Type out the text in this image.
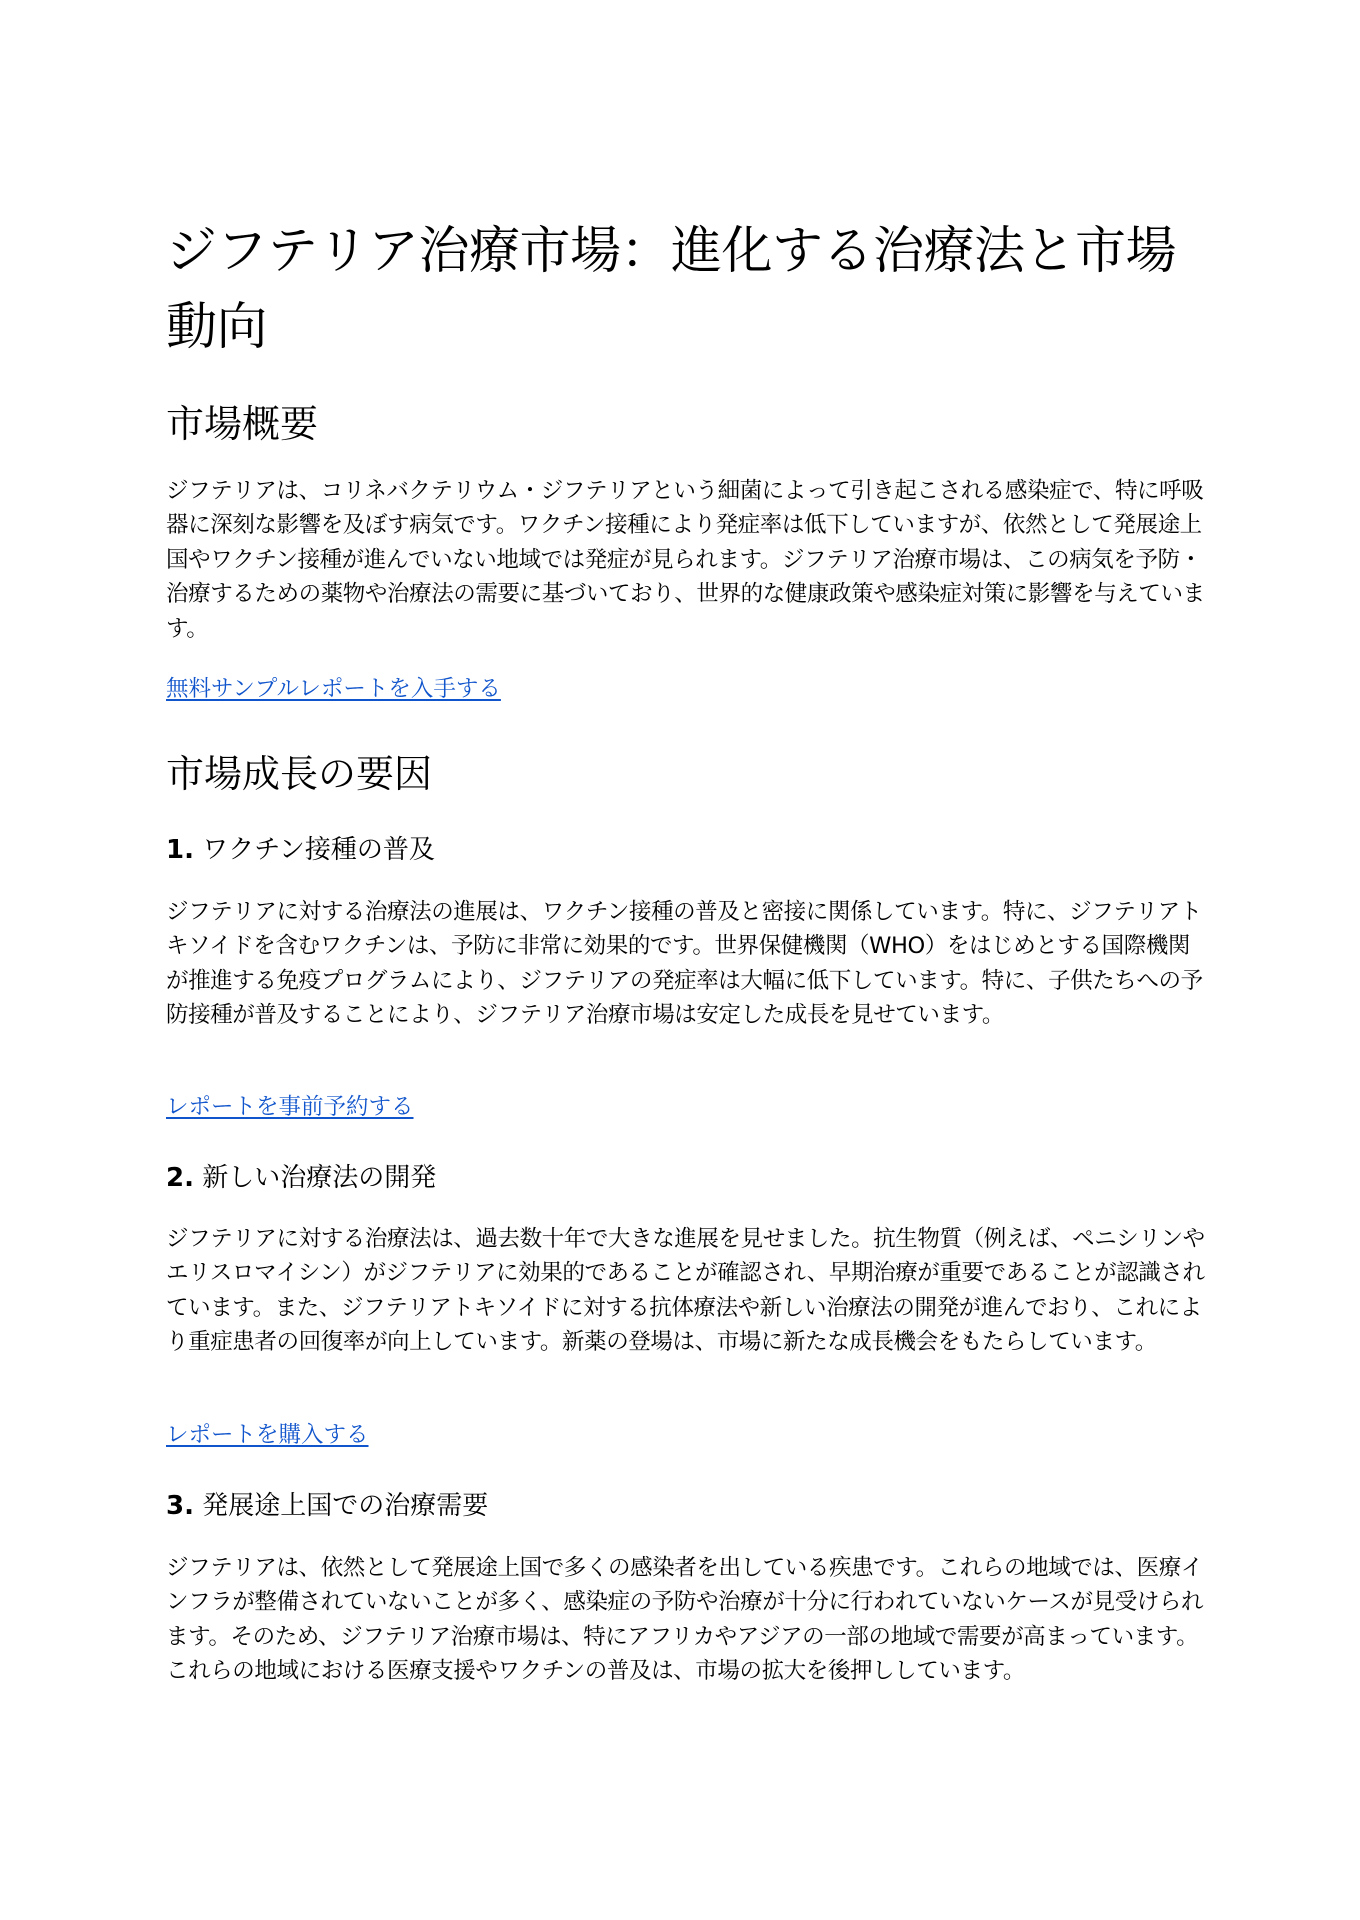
ジフテリア治療市場：進化する治療法と市場動向
市場概要

ジフテリアは、コリネバクテリウム・ジフテリアという細菌によって引き起こされる感染症で、特に呼吸器に深刻な影響を及ぼす病気です。ワクチン接種により発症率は低下していますが、依然として発展途上国やワクチン接種が進んでいない地域では発症が見られます。ジフテリア治療市場は、この病気を予防・治療するための薬物や治療法の需要に基づいており、世界的な健康政策や感染症対策に影響を与えています。

無料サンプルレポートを入手する
市場成長の要因
1. ワクチン接種の普及

ジフテリアに対する治療法の進展は、ワクチン接種の普及と密接に関係しています。特に、ジフテリアトキソイドを含むワクチンは、予防に非常に効果的です。世界保健機関（WHO）をはじめとする国際機関が推進する免疫プログラムにより、ジフテリアの発症率は大幅に低下しています。特に、子供たちへの予防接種が普及することにより、ジフテリア治療市場は安定した成長を見せています。

レポートを事前予約する
2. 新しい治療法の開発

ジフテリアに対する治療法は、過去数十年で大きな進展を見せました。抗生物質（例えば、ペニシリンやエリスロマイシン）がジフテリアに効果的であることが確認され、早期治療が重要であることが認識されています。また、ジフテリアトキソイドに対する抗体療法や新しい治療法の開発が進んでおり、これにより重症患者の回復率が向上しています。新薬の登場は、市場に新たな成長機会をもたらしています。

レポートを購入する
3. 発展途上国での治療需要

ジフテリアは、依然として発展途上国で多くの感染者を出している疾患です。これらの地域では、医療インフラが整備されていないことが多く、感染症の予防や治療が十分に行われていないケースが見受けられます。そのため、ジフテリア治療市場は、特にアフリカやアジアの一部の地域で需要が高まっています。これらの地域における医療支援やワクチンの普及は、市場の拡大を後押ししています。
